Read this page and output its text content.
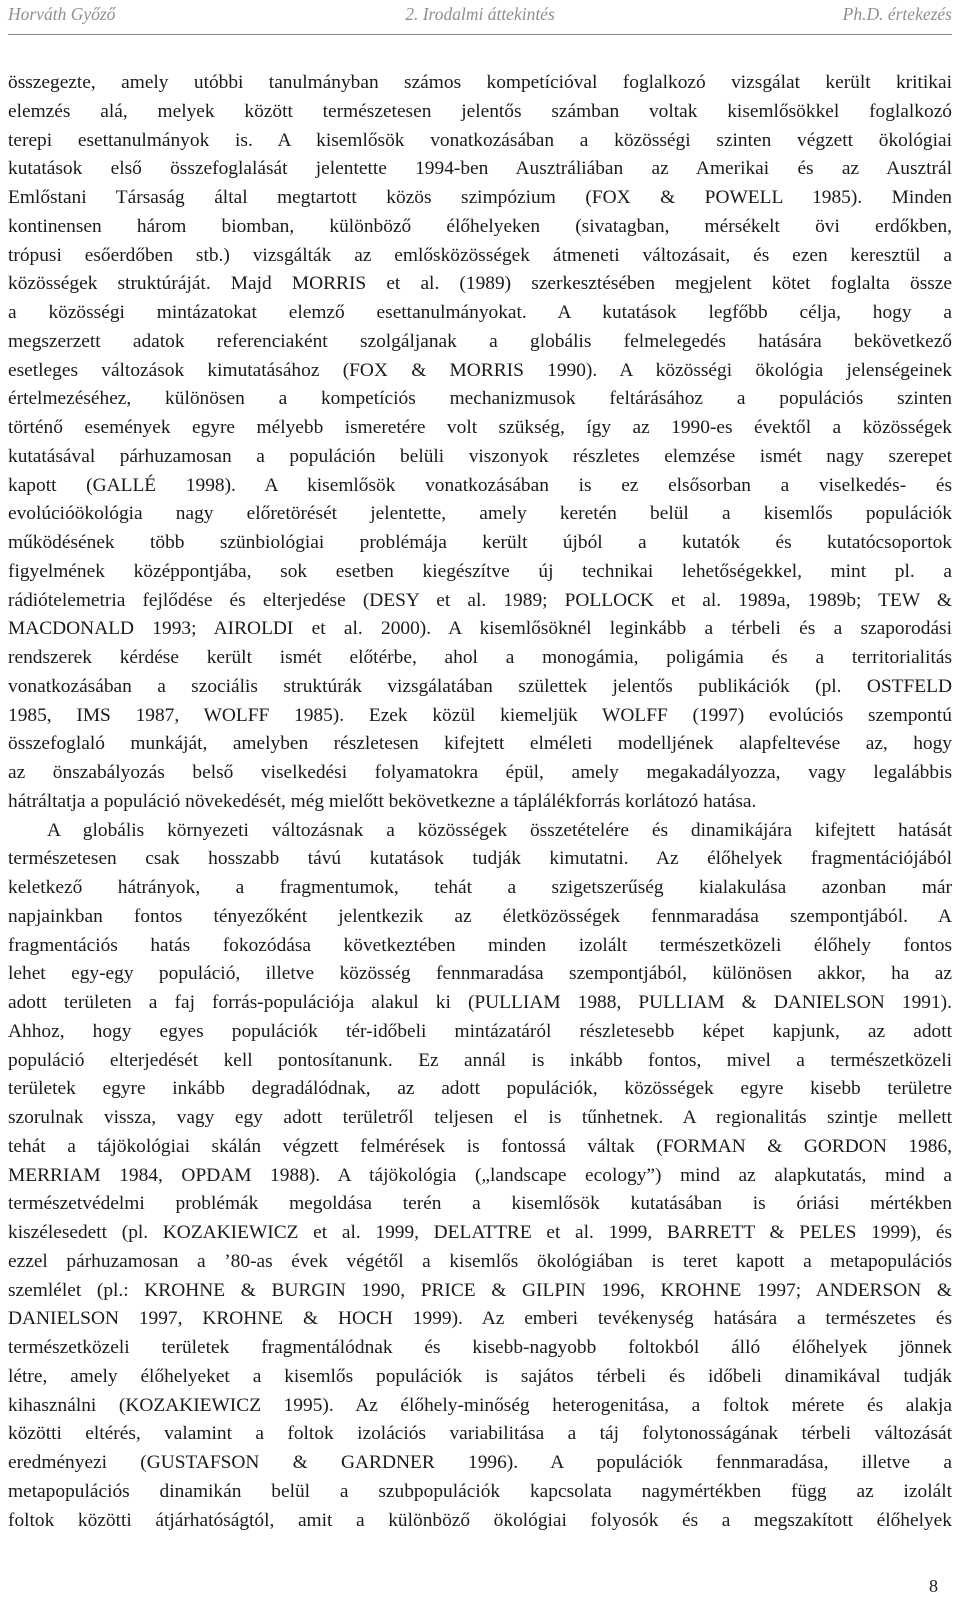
Horváth Győző	2. Irodalmi áttekintés	Ph.D. értekezés

összegezte, amely utóbbi tanulmányban számos kompetícióval foglalkozó vizsgálat került kritikai
elemzés alá, melyek között természetesen jelentős számban voltak kisemlősökkel foglalkozó
terepi esettanulmányok is. A kisemlősök vonatkozásában a közösségi szinten végzett ökológiai
kutatások első összefoglalását jelentette 1994-ben Ausztráliában az Amerikai és az Ausztrál
Emlőstani Társaság által megtartott közös szimpózium (FOX & POWELL 1985). Minden
kontinensen három biomban, különböző élőhelyeken (sivatagban, mérsékelt övi erdőkben,
trópusi esőerdőben stb.) vizsgálták az emlősközösségek átmeneti változásait, és ezen keresztül a
közösségek struktúráját. Majd MORRIS et al. (1989) szerkesztésében megjelent kötet foglalta össze
a közösségi mintázatokat elemző esettanulmányokat. A kutatások legfőbb célja, hogy a
megszerzett adatok referenciaként szolgáljanak a globális felmelegedés hatására bekövetkező
esetleges változások kimutatásához (FOX & MORRIS 1990). A közösségi ökológia jelenségeinek
értelmezéséhez, különösen a kompetíciós mechanizmusok feltárásához a populációs szinten
történő események egyre mélyebb ismeretére volt szükség, így az 1990-es évektől a közösségek
kutatásával párhuzamosan a populáción belüli viszonyok részletes elemzése ismét nagy szerepet
kapott (GALLÉ 1998). A kisemlősök vonatkozásában is ez elsősorban a viselkedés- és
evolúcióökológia nagy előretörését jelentette, amely keretén belül a kisemlős populációk
működésének több szünbiológiai problémája került újból a kutatók és kutatócsoportok
figyelmének középpontjába, sok esetben kiegészítve új technikai lehetőségekkel, mint pl. a
rádiótelemetria fejlődése és elterjedése (DESY et al. 1989; POLLOCK et al. 1989a, 1989b; TEW &
MACDONALD 1993; AIROLDI et al. 2000). A kisemlősöknél leginkább a térbeli és a szaporodási
rendszerek kérdése került ismét előtérbe, ahol a monogámia, poligámia és a territorialitás
vonatkozásában a szociális struktúrák vizsgálatában születtek jelentős publikációk (pl. OSTFELD
1985, IMS 1987, WOLFF 1985). Ezek közül kiemeljük WOLFF (1997) evolúciós szempontú
összefoglaló munkáját, amelyben részletesen kifejtett elméleti modelljének alapfeltevése az, hogy
az önszabályozás belső viselkedési folyamatokra épül, amely megakadályozza, vagy legalábbis
hátráltatja a populáció növekedését, még mielőtt bekövetkezne a táplálékforrás korlátozó hatása.

A globális környezeti változásnak a közösségek összetételére és dinamikájára kifejtett hatását
természetesen csak hosszabb távú kutatások tudják kimutatni. Az élőhelyek fragmentációjából
keletkező hátrányok, a fragmentumok, tehát a szigetszerűség kialakulása azonban már
napjainkban fontos tényezőként jelentkezik az életközösségek fennmaradása szempontjából. A
fragmentációs hatás fokozódása következtében minden izolált természetközeli élőhely fontos
lehet egy-egy populáció, illetve közösség fennmaradása szempontjából, különösen akkor, ha az
adott területen a faj forrás-populációja alakul ki (PULLIAM 1988, PULLIAM & DANIELSON 1991).
Ahhoz, hogy egyes populációk tér-időbeli mintázatáról részletesebb képet kapjunk, az adott
populáció elterjedését kell pontosítanunk. Ez annál is inkább fontos, mivel a természetközeli
területek egyre inkább degradálódnak, az adott populációk, közösségek egyre kisebb területre
szorulnak vissza, vagy egy adott területről teljesen el is tűnhetnek. A regionalitás szintje mellett
tehát a tájökológiai skálán végzett felmérések is fontossá váltak (FORMAN & GORDON 1986,
MERRIAM 1984, OPDAM 1988). A tájökológia („landscape ecology”) mind az alapkutatás, mind a
természetvédelmi problémák megoldása terén a kisemlősök kutatásában is óriási mértékben
kiszélesedett (pl. KOZAKIEWICZ et al. 1999, DELATTRE et al. 1999, BARRETT & PELES 1999), és
ezzel párhuzamosan a ’80-as évek végétől a kisemlős ökológiában is teret kapott a metapopulációs
szemlélet (pl.: KROHNE & BURGIN 1990, PRICE & GILPIN 1996, KROHNE 1997; ANDERSON &
DANIELSON 1997, KROHNE & HOCH 1999). Az emberi tevékenység hatására a természetes és
természetközeli területek fragmentálódnak és kisebb-nagyobb foltokból álló élőhelyek jönnek
létre, amely élőhelyeket a kisemlős populációk is sajátos térbeli és időbeli dinamikával tudják
kihasználni (KOZAKIEWICZ 1995). Az élőhely-minőség heterogenitása, a foltok mérete és alakja
közötti eltérés, valamint a foltok izolációs variabilitása a táj folytonosságának térbeli változását
eredményezi (GUSTAFSON & GARDNER 1996). A populációk fennmaradása, illetve a
metapopulációs dinamikán belül a szubpopulációk kapcsolata nagymértékben függ az izolált
foltok közötti átjárhatóságtól, amit a különböző ökológiai folyosók és a megszakított élőhelyek

8
